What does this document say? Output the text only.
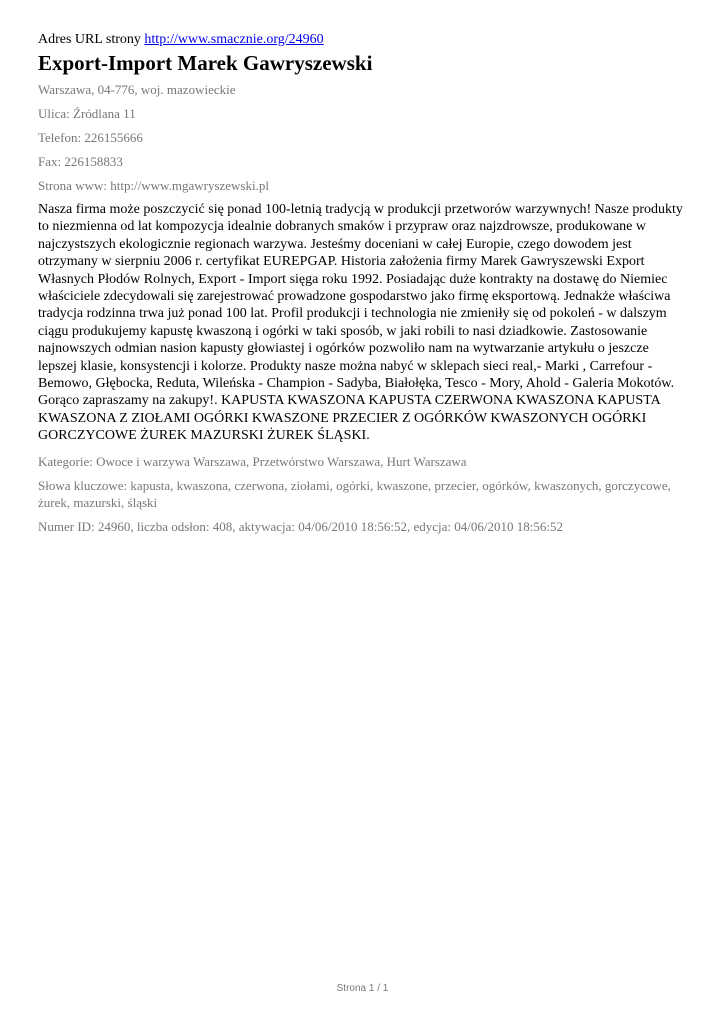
Adres URL strony http://www.smacznie.org/24960

Export-Import Marek Gawryszewski

Warszawa, 04-776, woj. mazowieckie

Ulica: Źródlana 11

Telefon: 226155666

Fax: 226158833

Strona www: http://www.mgawryszewski.pl

Nasza firma może poszczycić się ponad 100-letnią tradycją w produkcji przetworów warzywnych! Nasze produkty to niezmienna od lat kompozycja idealnie dobranych smaków i przypraw oraz najzdrowsze, produkowane w najczystszych ekologicznie regionach warzywa. Jesteśmy doceniani w całej Europie, czego dowodem jest otrzymany w sierpniu 2006 r. certyfikat EUREPGAP. Historia założenia firmy Marek Gawryszewski Export Własnych Płodów Rolnych, Export - Import sięga roku 1992. Posiadając duże kontrakty na dostawę do Niemiec właściciele zdecydowali się zarejestrować prowadzone gospodarstwo jako firmę eksportową. Jednakże właściwa tradycja rodzinna trwa już ponad 100 lat. Profil produkcji i technologia nie zmieniły się od pokoleń - w dalszym ciągu produkujemy kapustę kwaszoną i ogórki w taki sposób, w jaki robili to nasi dziadkowie. Zastosowanie najnowszych odmian nasion kapusty głowiastej i ogórków pozwoliło nam na wytwarzanie artykułu o jeszcze lepszej klasie, konsystencji i kolorze. Produkty nasze można nabyć w sklepach sieci real,- Marki , Carrefour - Bemowo, Głębocka, Reduta, Wileńska - Champion - Sadyba, Białołęka, Tesco - Mory, Ahold - Galeria Mokotów. Gorąco zapraszamy na zakupy!. KAPUSTA KWASZONA KAPUSTA CZERWONA KWASZONA KAPUSTA KWASZONA Z ZIOŁAMI OGÓRKI KWASZONE PRZECIER Z OGÓRKÓW KWASZONYCH OGÓRKI GORCZYCOWE ŻUREK MAZURSKI ŻUREK ŚLĄSKI.

Kategorie: Owoce i warzywa Warszawa, Przetwórstwo Warszawa, Hurt Warszawa

Słowa kluczowe: kapusta, kwaszona, czerwona, ziołami, ogórki, kwaszone, przecier, ogórków, kwaszonych, gorczycowe, żurek, mazurski, śląski

Numer ID: 24960, liczba odsłon: 408, aktywacja: 04/06/2010 18:56:52, edycja: 04/06/2010 18:56:52

Strona 1 / 1
